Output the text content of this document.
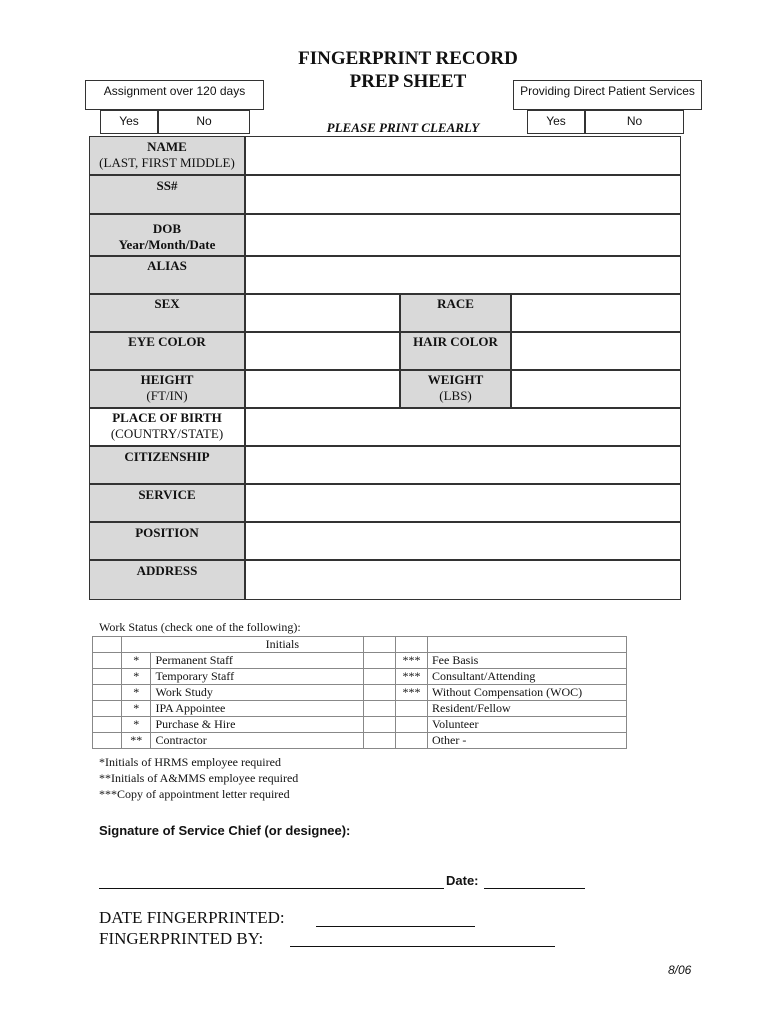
FINGERPRINT RECORD
PREP SHEET
Assignment over 120 days
Yes	No
Providing Direct Patient Services
Yes	No
PLEASE PRINT CLEARLY
NAME
(LAST, FIRST MIDDLE)
SS#
DOB
Year/Month/Date
ALIAS
SEX	RACE
EYE COLOR	HAIR COLOR
HEIGHT
(FT/IN)
WEIGHT
(LBS)
PLACE OF BIRTH
(COUNTRY/STATE)
CITIZENSHIP
SERVICE
POSITION
ADDRESS
Work Status (check one of the following):
	Initials				
	*	Permanent Staff		***	Fee Basis
	*	Temporary Staff		***	Consultant/Attending
	*	Work Study		***	Without Compensation (WOC)
	*	IPA Appointee			Resident/Fellow
	*	Purchase & Hire			Volunteer
	**	Contractor			Other -
*Initials of HRMS employee required
**Initials of A&MMS employee required
***Copy of appointment letter required
Signature of Service Chief (or designee):
Date:
DATE FINGERPRINTED:
FINGERPRINTED BY:
8/06
